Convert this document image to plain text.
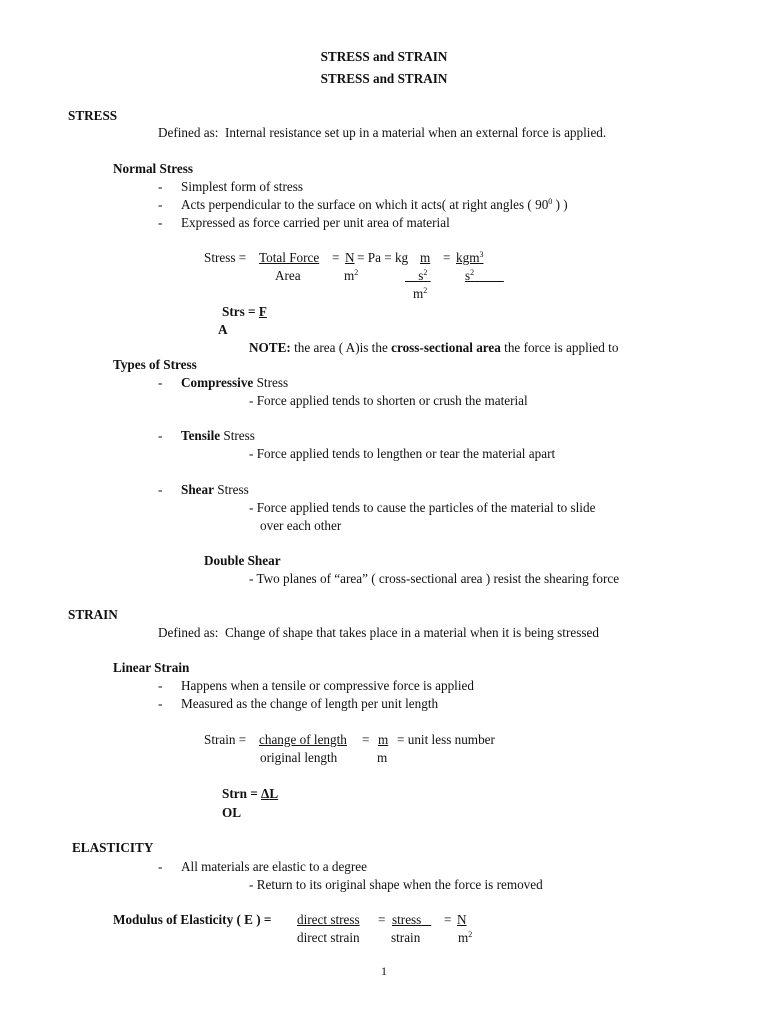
STRESS and STRAIN
STRESS and STRAIN
STRESS
Defined as: Internal resistance set up in a material when an external force is applied.
Normal Stress
- Simplest form of stress
- Acts perpendicular to the surface on which it acts( at right angles ( $90^0$ ) )
- Expressed as force carried per unit area of material
Stress = Total Force = N = Pa = kg m = kgm$^3$
Area	$m^2$	$s^2$	$s^2$
$m^2$
Strs = F
A
NOTE: the area ( A)is the cross-sectional area the force is applied to
Types of Stress
- Compressive Stress
- Force applied tends to shorten or crush the material
- Tensile Stress
- Force applied tends to lengthen or tear the material apart
- Shear Stress
- Force applied tends to cause the particles of the material to slide
over each other
Double Shear
- Two planes of “area” ( cross-sectional area ) resist the shearing force
STRAIN
Defined as: Change of shape that takes place in a material when it is being stressed
Linear Strain
- Happens when a tensile or compressive force is applied
- Measured as the change of length per unit length
Strain = change of length = m = unit less number
original length	m
Strn = ΔL
OL
ELASTICITY
- All materials are elastic to a degree
- Return to its original shape when the force is removed
Modulus of Elasticity ( E ) = direct stress = stress	= N
direct strain strain	$m^2$
1
